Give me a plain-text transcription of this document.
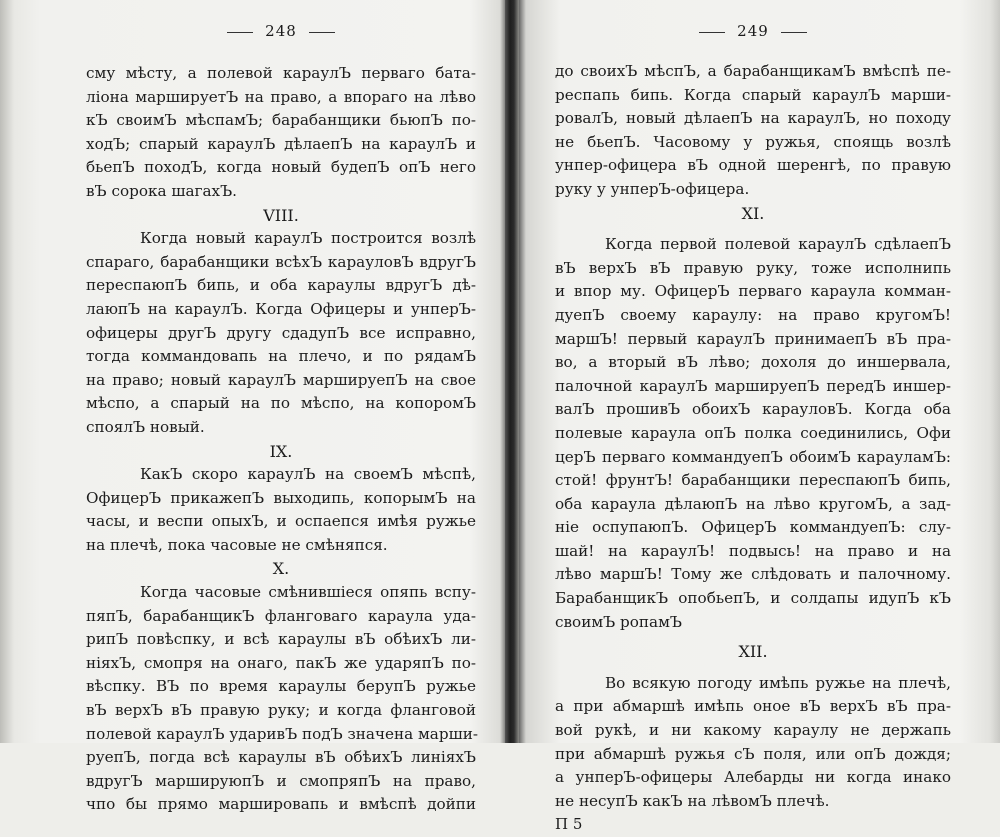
248
сму мѣсту, а полевой караулЪ перваго бата-
ліона маршируетЪ на право, а впораго на лѣво
кЪ своимЪ мѣспамЪ; барабанщики бьюпЪ по-
ходЪ; спарый караулЪ дѣлаепЪ на караулЪ и
бьепЪ походЪ, когда новый будепЪ опЪ него
вЪ сорока шагахЪ.
VIII.
Когда новый караулЪ построится возлѣ
спараго, барабанщики всѣхЪ карауловЪ вдругЪ
переспаюпЪ бипь, и оба караулы вдругЪ дѣ-
лаюпЪ на караулЪ. Когда Офицеры и унперЪ-
офицеры другЪ другу сдадупЪ все исправно,
тогда коммандовапь на плечо, и по рядамЪ
на право; новый караулЪ маршируепЪ на свое
мѣспо, а спарый на по мѣспо, на копоромЪ
споялЪ новый.
IX.
КакЪ скоро караулЪ на своемЪ мѣспѣ,
ОфицерЪ прикажепЪ выходипь, копорымЪ на
часы, и веспи опыхЪ, и оспаепся имѣя ружье
на плечѣ, пока часовые не смѣняпся.
X.
Когда часовые смѣнившіеся опяпь вспу-
пяпЪ, барабанщикЪ фланговаго караула удa-
рипЪ повѣспку, и всѣ караулы вЪ обѣихЪ ли-
ніяхЪ, смопря на онаго, пакЪ же ударяпЪ по-
вѣспку. ВЪ по время караулы берупЪ ружье
вЪ верхЪ вЪ правую руку; и когда фланговой
полевой караулЪ ударивЪ подЪ значена марши-
руепЪ, погда всѣ караулы вЪ обѣихЪ линіяхЪ
вдругЪ маршируюпЪ и смопряпЪ на право,
чпо бы прямо маршировапь и вмѣспѣ дойпи
249
до своихЪ мѣспЪ, а барабанщикамЪ вмѣспѣ пе-
респапь бипь. Когда спарый караулЪ марши-
ровалЪ, новый дѣлаепЪ на караулЪ, но походу
не бьепЪ. Часовому у ружья, споящь возлѣ
унпер-офицера вЪ одной шеренгѣ, по правую
руку у унперЪ-офицера.
XI.
Когда первой полевой караулЪ сдѣлаепЪ
вЪ верхЪ вЪ правую руку, тоже исполнипь
и впор му. ОфицерЪ перваго караула комман-
дуепЪ своему караулу: на право кругомЪ!
маршЪ! первый караулЪ принимаепЪ вЪ пра-
во, а вторый вЪ лѣво; дохоля до иншервала,
палочной караулЪ маршируепЪ передЪ иншер-
валЪ прошивЪ обоихЪ карауловЪ. Когда оба
полевые караула опЪ полка соединились, Офи
церЪ перваго коммандуепЪ обоимЪ карауламЪ:
стой! фрунтЪ! барабанщики переспаюпЪ бипь,
оба караула дѣлаюпЪ на лѣво кругомЪ, а зад-
ніе оспупаюпЪ. ОфицерЪ коммандуепЪ: слу-
шай! на караулЪ! подвысь! на право и на
лѣво маршЪ! Тому же слѣдовать и палочному.
БарабанщикЪ опобьепЪ, и солдапы идупЪ кЪ
своимЪ ропамЪ
XII.
Во всякую погоду имѣпь ружье на плечѣ,
а при абмаршѣ имѣпь оное вЪ верхЪ вЪ пра-
вой рукѣ, и ни какому караулу не держапь
при абмаршѣ ружья сЪ поля, или опЪ дождя;
а унперЪ-офицеры Алебарды ни когда инако
не несупЪ какЪ на лѣвомЪ плечѣ.
П 5
